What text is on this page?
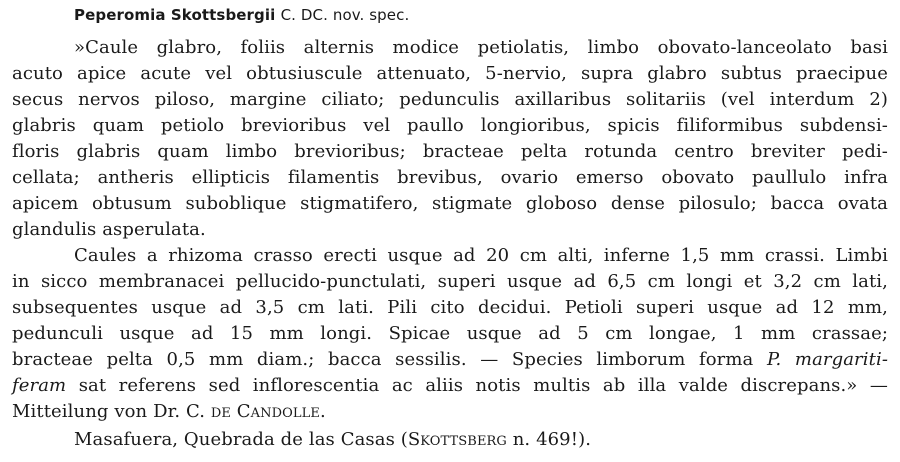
Peperomia Skottsbergii C. DC. nov. spec.
»Caule glabro, foliis alternis modice petiolatis, limbo obovato-lanceolato basi
acuto apice acute vel obtusiuscule attenuato, 5-nervio, supra glabro subtus praecipue
secus nervos piloso, margine ciliato; pedunculis axillaribus solitariis (vel interdum 2)
glabris quam petiolo brevioribus vel paullo longioribus, spicis filiformibus subdensi-
floris glabris quam limbo brevioribus; bracteae pelta rotunda centro breviter pedi-
cellata; antheris ellipticis filamentis brevibus, ovario emerso obovato paullulo infra
apicem obtusum suboblique stigmatifero, stigmate globoso dense pilosulo; bacca ovata
glandulis asperulata.
Caules a rhizoma crasso erecti usque ad 20 cm alti, inferne 1,5 mm crassi. Limbi
in sicco membranacei pellucido-punctulati, superi usque ad 6,5 cm longi et 3,2 cm lati,
subsequentes usque ad 3,5 cm lati. Pili cito decidui. Petioli superi usque ad 12 mm,
pedunculi usque ad 15 mm longi. Spicae usque ad 5 cm longae, 1 mm crassae;
bracteae pelta 0,5 mm diam.; bacca sessilis. — Species limborum forma P. margariti-
feram sat referens sed inflorescentia ac aliis notis multis ab illa valde discrepans.» —
Mitteilung von Dr. C. de Candolle.
Masafuera, Quebrada de las Casas (Skottsberg n. 469!).
